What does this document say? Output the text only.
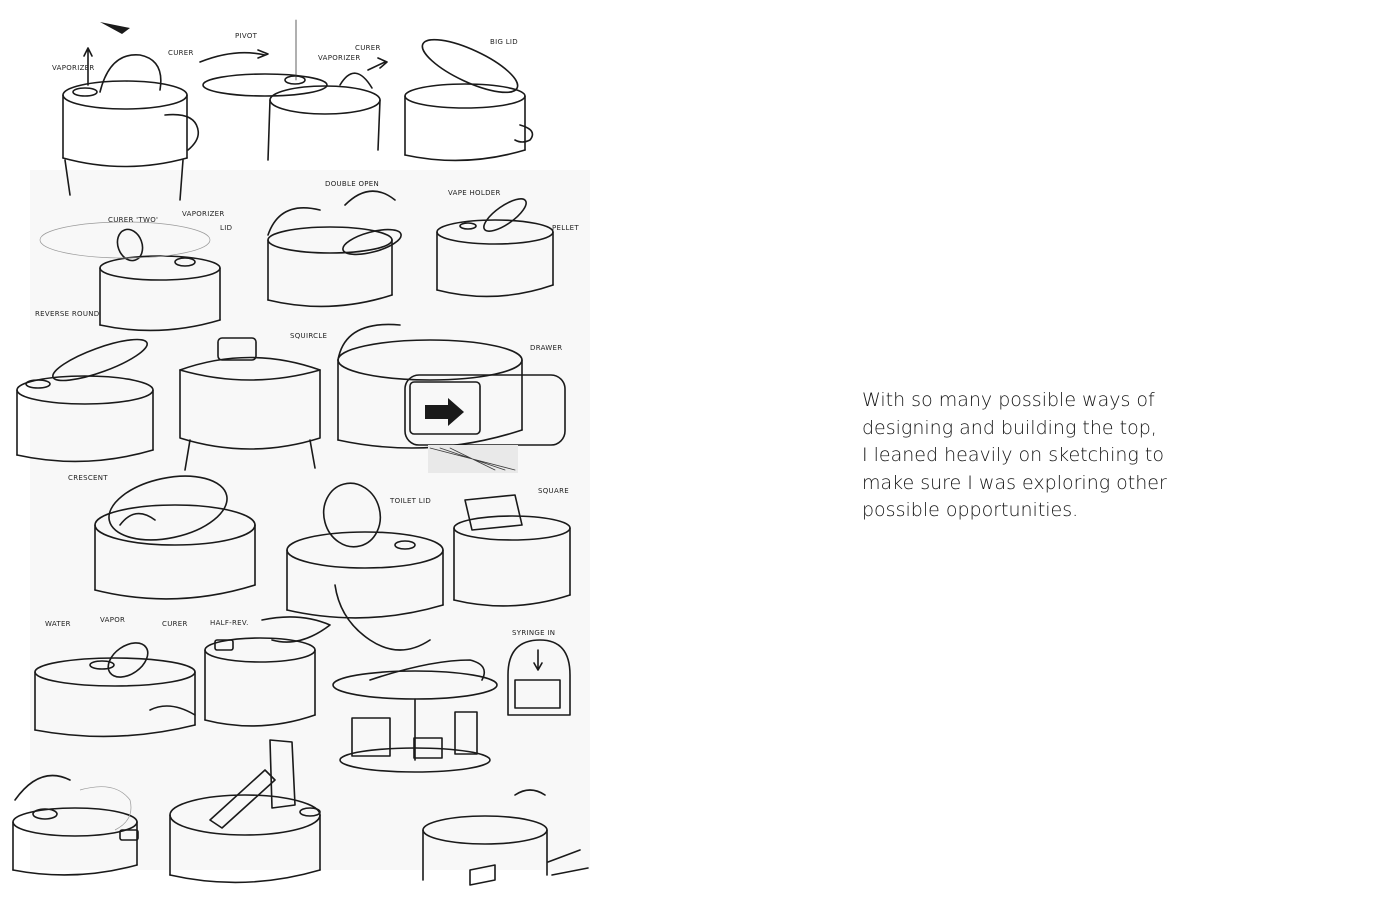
VAPORIZER
CURER
PIVOT
VAPORIZER
CURER
BIG LID
CURER 'TWO'
VAPORIZER
LID
DOUBLE OPEN
VAPE HOLDER
PELLET
REVERSE ROUND
SQUIRCLE
DRAWER
CRESCENT
TOILET LID
SQUARE
WATER	VAPOR	CURER	HALF-REV.
SYRINGE IN

With so many possible ways of
designing and building the top,
I leaned heavily on sketching to
make sure I was exploring other
possible opportunities.
